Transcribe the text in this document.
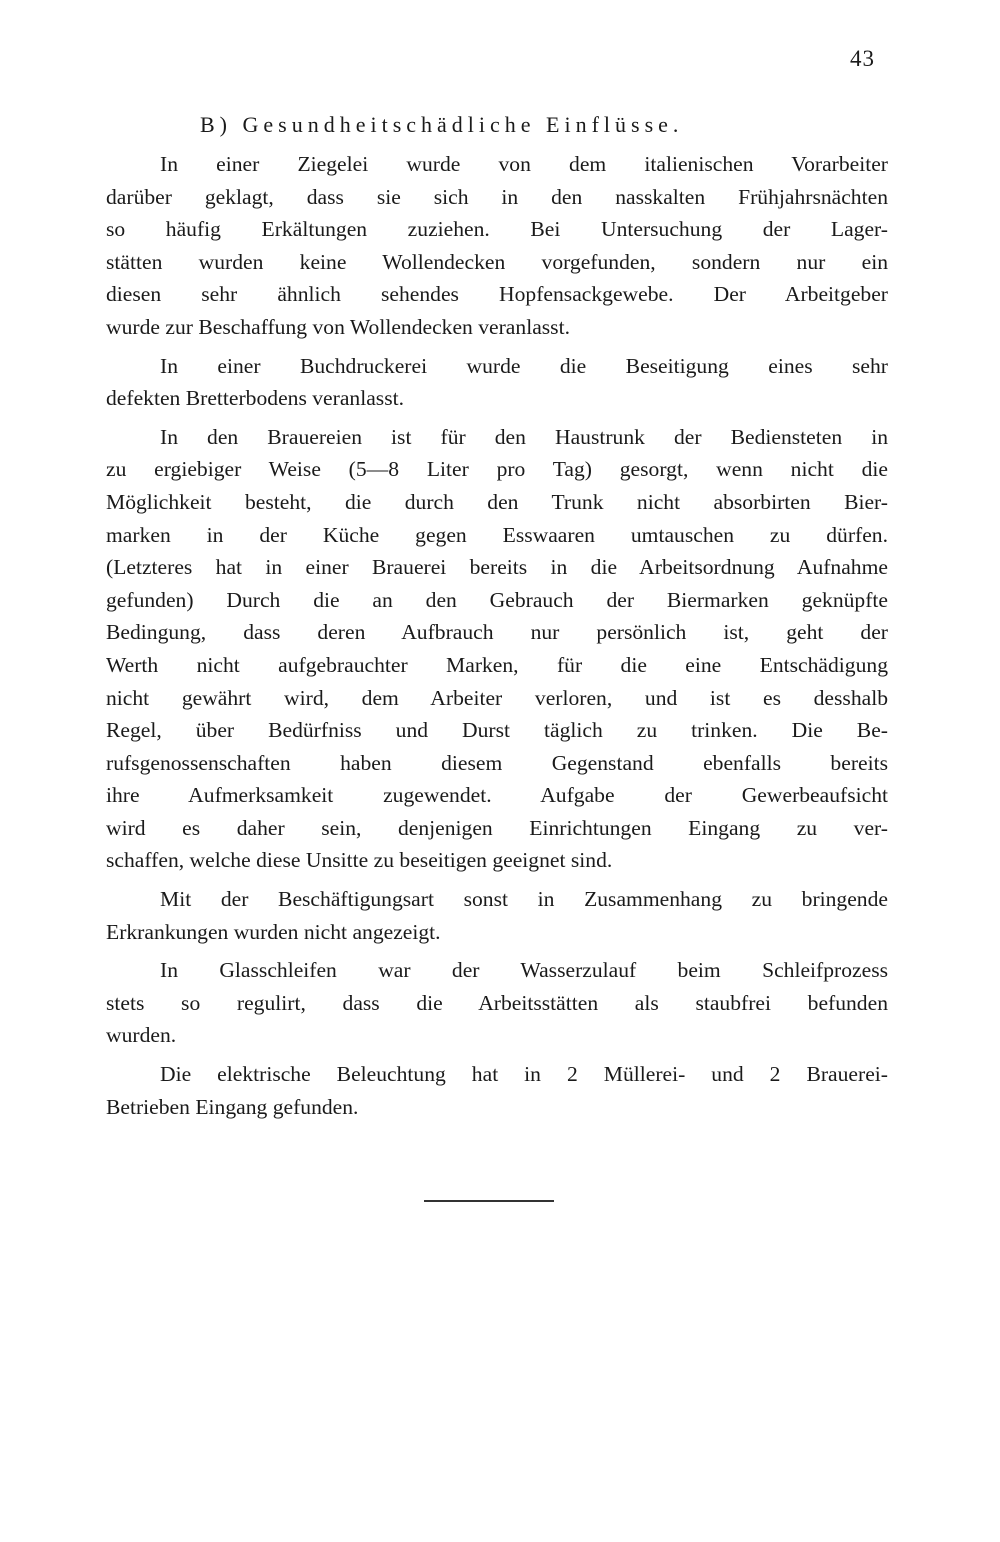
43
B) Gesundheitschädliche Einflüsse.
In einer Ziegelei wurde von dem italienischen Vorarbeiter
darüber geklagt, dass sie sich in den nasskalten Frühjahrsnächten
so häufig Erkältungen zuziehen. Bei Untersuchung der Lager-
stätten wurden keine Wollendecken vorgefunden, sondern nur ein
diesen sehr ähnlich sehendes Hopfensackgewebe. Der Arbeitgeber
wurde zur Beschaffung von Wollendecken veranlasst.
In einer Buchdruckerei wurde die Beseitigung eines sehr
defekten Bretterbodens veranlasst.
In den Brauereien ist für den Haustrunk der Bediensteten in
zu ergiebiger Weise (5—8 Liter pro Tag) gesorgt, wenn nicht die
Möglichkeit besteht, die durch den Trunk nicht absorbirten Bier-
marken in der Küche gegen Esswaaren umtauschen zu dürfen.
(Letzteres hat in einer Brauerei bereits in die Arbeitsordnung Aufnahme
gefunden) Durch die an den Gebrauch der Biermarken geknüpfte
Bedingung, dass deren Aufbrauch nur persönlich ist, geht der
Werth nicht aufgebrauchter Marken, für die eine Entschädigung
nicht gewährt wird, dem Arbeiter verloren, und ist es desshalb
Regel, über Bedürfniss und Durst täglich zu trinken. Die Be-
rufsgenossenschaften haben diesem Gegenstand ebenfalls bereits
ihre Aufmerksamkeit zugewendet. Aufgabe der Gewerbeaufsicht
wird es daher sein, denjenigen Einrichtungen Eingang zu ver-
schaffen, welche diese Unsitte zu beseitigen geeignet sind.
Mit der Beschäftigungsart sonst in Zusammenhang zu bringende
Erkrankungen wurden nicht angezeigt.
In Glasschleifen war der Wasserzulauf beim Schleifprozess
stets so regulirt, dass die Arbeitsstätten als staubfrei befunden
wurden.
Die elektrische Beleuchtung hat in 2 Müllerei- und 2 Brauerei-
Betrieben Eingang gefunden.
